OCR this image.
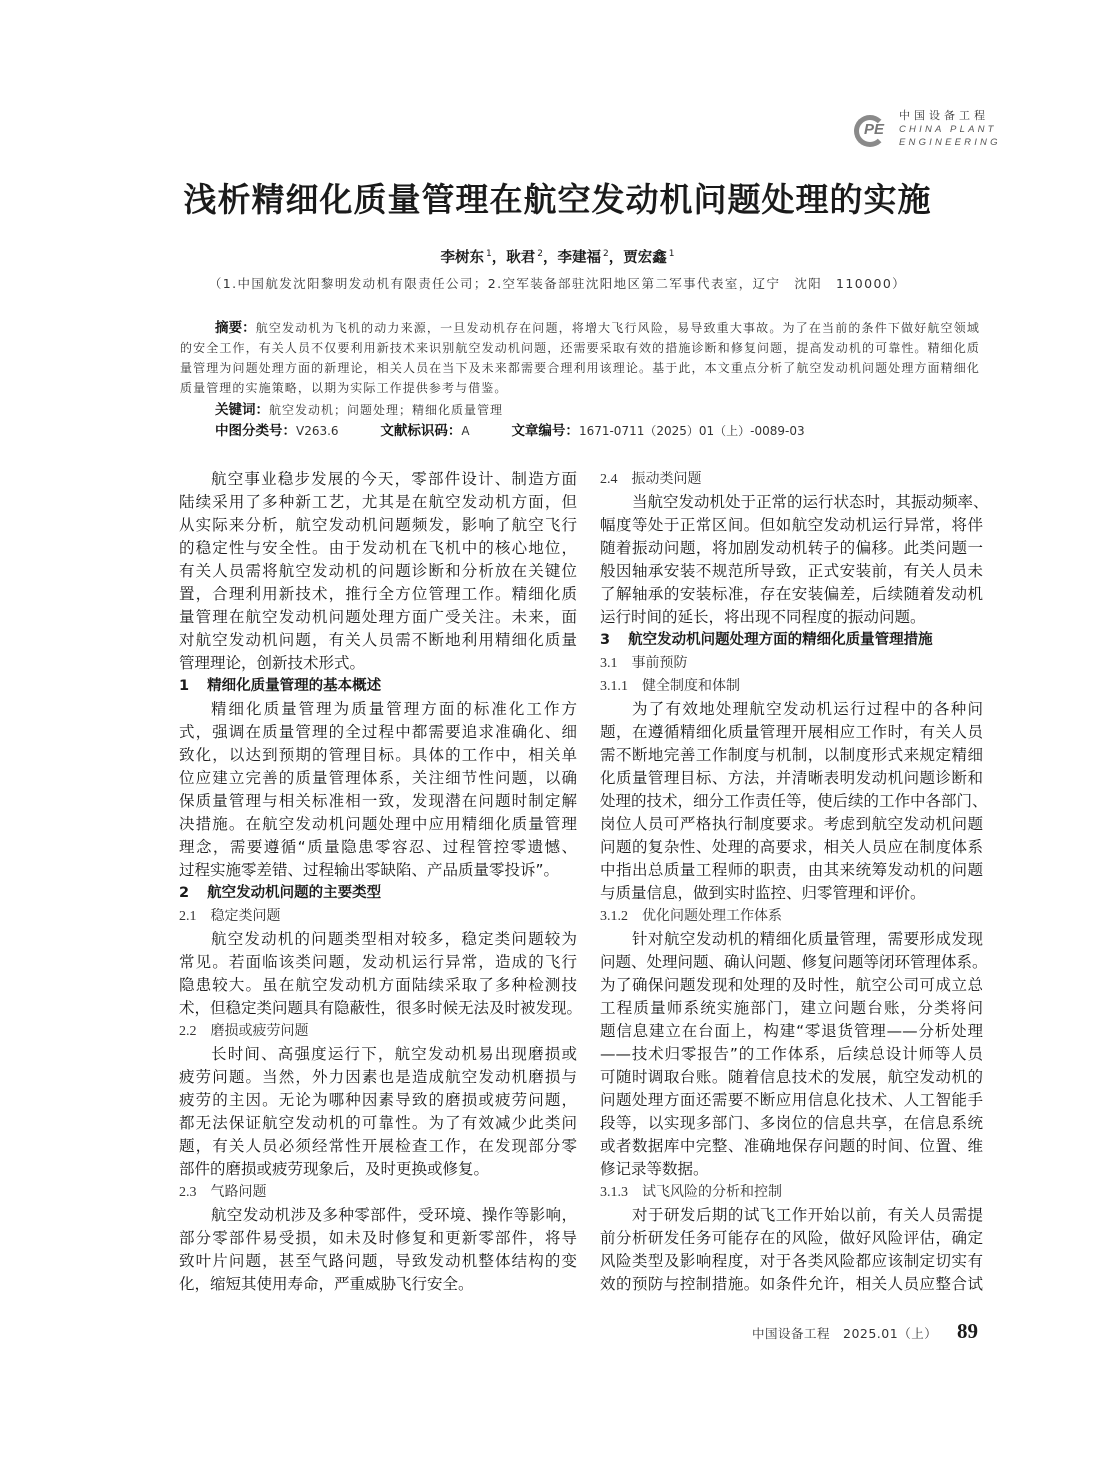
PE
中国设备工程
CHINA PLANT
ENGINEERING
浅析精细化质量管理在航空发动机问题处理的实施
李树东 $^1$，耿君 $^2$，李建福 $^2$，贾宏鑫 $^1$
（1.中国航发沈阳黎明发动机有限责任公司；2.空军装备部驻沈阳地区第二军事代表室，辽宁　沈阳　110000）
摘要：航空发动机为飞机的动力来源，一旦发动机存在问题，将增大飞行风险，易导致重大事故。为了在当前的条件下做好航空领域的安全工作，有关人员不仅要利用新技术来识别航空发动机问题，还需要采取有效的措施诊断和修复问题，提高发动机的可靠性。精细化质量管理为问题处理方面的新理论，相关人员在当下及未来都需要合理利用该理论。基于此，本文重点分析了航空发动机问题处理方面精细化质量管理的实施策略，以期为实际工作提供参考与借鉴。
关键词：航空发动机；问题处理；精细化质量管理
中图分类号：V263.6	文献标识码：A	文章编号：1671-0711（2025）01（上）-0089-03
航空事业稳步发展的今天，零部件设计、制造方面
陆续采用了多种新工艺，尤其是在航空发动机方面，但
从实际来分析，航空发动机问题频发，影响了航空飞行
的稳定性与安全性。由于发动机在飞机中的核心地位，
有关人员需将航空发动机的问题诊断和分析放在关键位
置，合理利用新技术，推行全方位管理工作。精细化质
量管理在航空发动机问题处理方面广受关注。未来，面
对航空发动机问题，有关人员需不断地利用精细化质量
管理理论，创新技术形式。
1 精细化质量管理的基本概述
精细化质量管理为质量管理方面的标准化工作方
式，强调在质量管理的全过程中都需要追求准确化、细
致化，以达到预期的管理目标。具体的工作中，相关单
位应建立完善的质量管理体系，关注细节性问题，以确
保质量管理与相关标准相一致，发现潜在问题时制定解
决措施。在航空发动机问题处理中应用精细化质量管理
理念，需要遵循“质量隐患零容忍、过程管控零遗憾、
过程实施零差错、过程输出零缺陷、产品质量零投诉”。
2 航空发动机问题的主要类型
2.1 稳定类问题
航空发动机的问题类型相对较多，稳定类问题较为
常见。若面临该类问题，发动机运行异常，造成的飞行
隐患较大。虽在航空发动机方面陆续采取了多种检测技
术，但稳定类问题具有隐蔽性，很多时候无法及时被发现。
2.2 磨损或疲劳问题
长时间、高强度运行下，航空发动机易出现磨损或
疲劳问题。当然，外力因素也是造成航空发动机磨损与
疲劳的主因。无论为哪种因素导致的磨损或疲劳问题，
都无法保证航空发动机的可靠性。为了有效减少此类问
题，有关人员必须经常性开展检查工作，在发现部分零
部件的磨损或疲劳现象后，及时更换或修复。
2.3 气路问题
航空发动机涉及多种零部件，受环境、操作等影响，
部分零部件易受损，如未及时修复和更新零部件，将导
致叶片问题，甚至气路问题，导致发动机整体结构的变
化，缩短其使用寿命，严重威胁飞行安全。
2.4 振动类问题
当航空发动机处于正常的运行状态时，其振动频率、
幅度等处于正常区间。但如航空发动机运行异常，将伴
随着振动问题，将加剧发动机转子的偏移。此类问题一
般因轴承安装不规范所导致，正式安装前，有关人员未
了解轴承的安装标准，存在安装偏差，后续随着发动机
运行时间的延长，将出现不同程度的振动问题。
3 航空发动机问题处理方面的精细化质量管理措施
3.1 事前预防
3.1.1 健全制度和体制
为了有效地处理航空发动机运行过程中的各种问
题，在遵循精细化质量管理开展相应工作时，有关人员
需不断地完善工作制度与机制，以制度形式来规定精细
化质量管理目标、方法，并清晰表明发动机问题诊断和
处理的技术，细分工作责任等，使后续的工作中各部门、
岗位人员可严格执行制度要求。考虑到航空发动机问题
问题的复杂性、处理的高要求，相关人员应在制度体系
中指出总质量工程师的职责，由其来统筹发动机的问题
与质量信息，做到实时监控、归零管理和评价。
3.1.2 优化问题处理工作体系
针对航空发动机的精细化质量管理，需要形成发现
问题、处理问题、确认问题、修复问题等闭环管理体系。
为了确保问题发现和处理的及时性，航空公司可成立总
工程质量师系统实施部门，建立问题台账，分类将问
题信息建立在台面上，构建“零退货管理——分析处理
——技术归零报告”的工作体系，后续总设计师等人员
可随时调取台账。随着信息技术的发展，航空发动机的
问题处理方面还需要不断应用信息化技术、人工智能手
段等，以实现多部门、多岗位的信息共享，在信息系统
或者数据库中完整、准确地保存问题的时间、位置、维
修记录等数据。
3.1.3 试飞风险的分析和控制
对于研发后期的试飞工作开始以前，有关人员需提
前分析研发任务可能存在的风险，做好风险评估，确定
风险类型及影响程度，对于各类风险都应该制定切实有
效的预防与控制措施。如条件允许，相关人员应整合试
中国设备工程　2025.01（上） 89
